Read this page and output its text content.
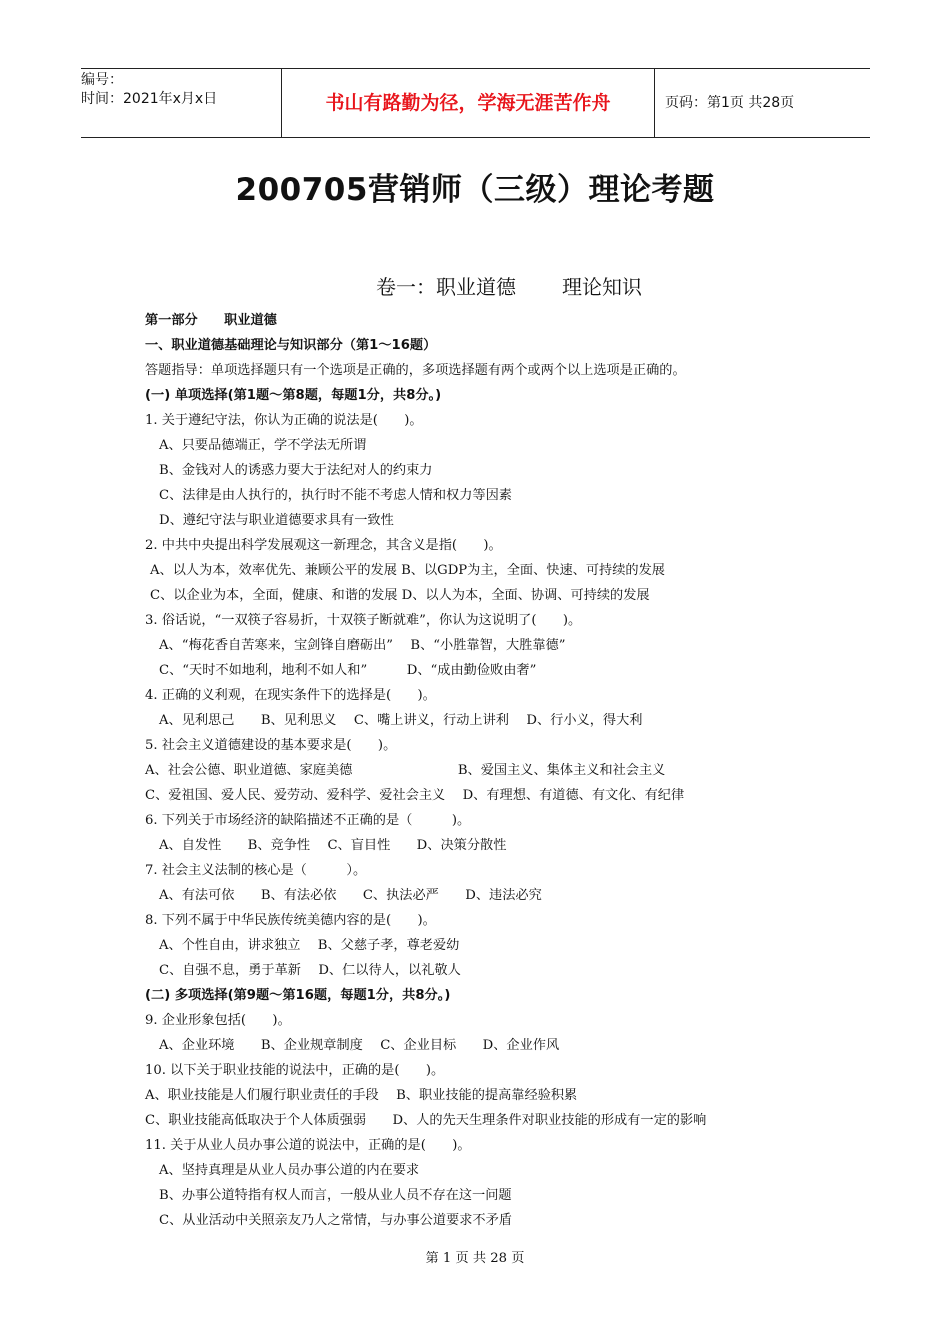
编号：
时间：2021年x月x日	书山有路勤为径，学海无涯苦作舟	页码：第1页 共28页
200705营销师（三级）理论考题
卷一：职业道德 理论知识
第一部分　　职业道德
一、职业道德基础理论与知识部分（第1～16题）
答题指导：单项选择题只有一个选项是正确的，多项选择题有两个或两个以上选项是正确的。
(一) 单项选择(第1题～第8题，每题1分，共8分。)
1. 关于遵纪守法，你认为正确的说法是(　　)。
A、只要品德端正，学不学法无所谓
B、金钱对人的诱惑力要大于法纪对人的约束力
C、法律是由人执行的，执行时不能不考虑人情和权力等因素
D、遵纪守法与职业道德要求具有一致性
2. 中共中央提出科学发展观这一新理念，其含义是指(　　)。
A、以人为本，效率优先、兼顾公平的发展 B、以GDP为主，全面、快速、可持续的发展
C、以企业为本，全面，健康、和谐的发展 D、以人为本，全面、协调、可持续的发展
3. 俗话说，“一双筷子容易折，十双筷子断就难”，你认为这说明了(　　)。
A、“梅花香自苦寒来，宝剑锋自磨砺出”　 B、“小胜靠智，大胜靠德”
C、“天时不如地利，地利不如人和”　　　D、“成由勤俭败由奢”
4. 正确的义利观，在现实条件下的选择是(　　)。
A、见利思己　　B、见利思义　 C、嘴上讲义，行动上讲利　 D、行小义，得大利
5. 社会主义道德建设的基本要求是(　　)。
A、社会公德、职业道德、家庭美德　　　　　　　　B、爱国主义、集体主义和社会主义
C、爱祖国、爱人民、爱劳动、爱科学、爱社会主义　 D、有理想、有道德、有文化、有纪律
6. 下列关于市场经济的缺陷描述不正确的是（　　　)。
A、自发性　　B、竞争性　 C、盲目性　　D、决策分散性
7. 社会主义法制的核心是（　　　）。
A、有法可依　　B、有法必依　　C、执法必严　　D、违法必究
8. 下列不属于中华民族传统美德内容的是(　　)。
A、个性自由，讲求独立　 B、父慈子孝，尊老爱幼
C、自强不息，勇于革新　 D、仁以待人，以礼敬人
(二) 多项选择(第9题～第16题，每题1分，共8分。)
9. 企业形象包括(　　)。
A、企业环境　　B、企业规章制度　 C、企业目标　　D、企业作风
10. 以下关于职业技能的说法中，正确的是(　　)。
A、职业技能是人们履行职业责任的手段　 B、职业技能的提高靠经验积累
C、职业技能高低取决于个人体质强弱　　D、人的先天生理条件对职业技能的形成有一定的影响
11. 关于从业人员办事公道的说法中，正确的是(　　)。
A、坚持真理是从业人员办事公道的内在要求
B、办事公道特指有权人而言，一般从业人员不存在这一问题
C、从业活动中关照亲友乃人之常情，与办事公道要求不矛盾
第 1 页 共 28 页
